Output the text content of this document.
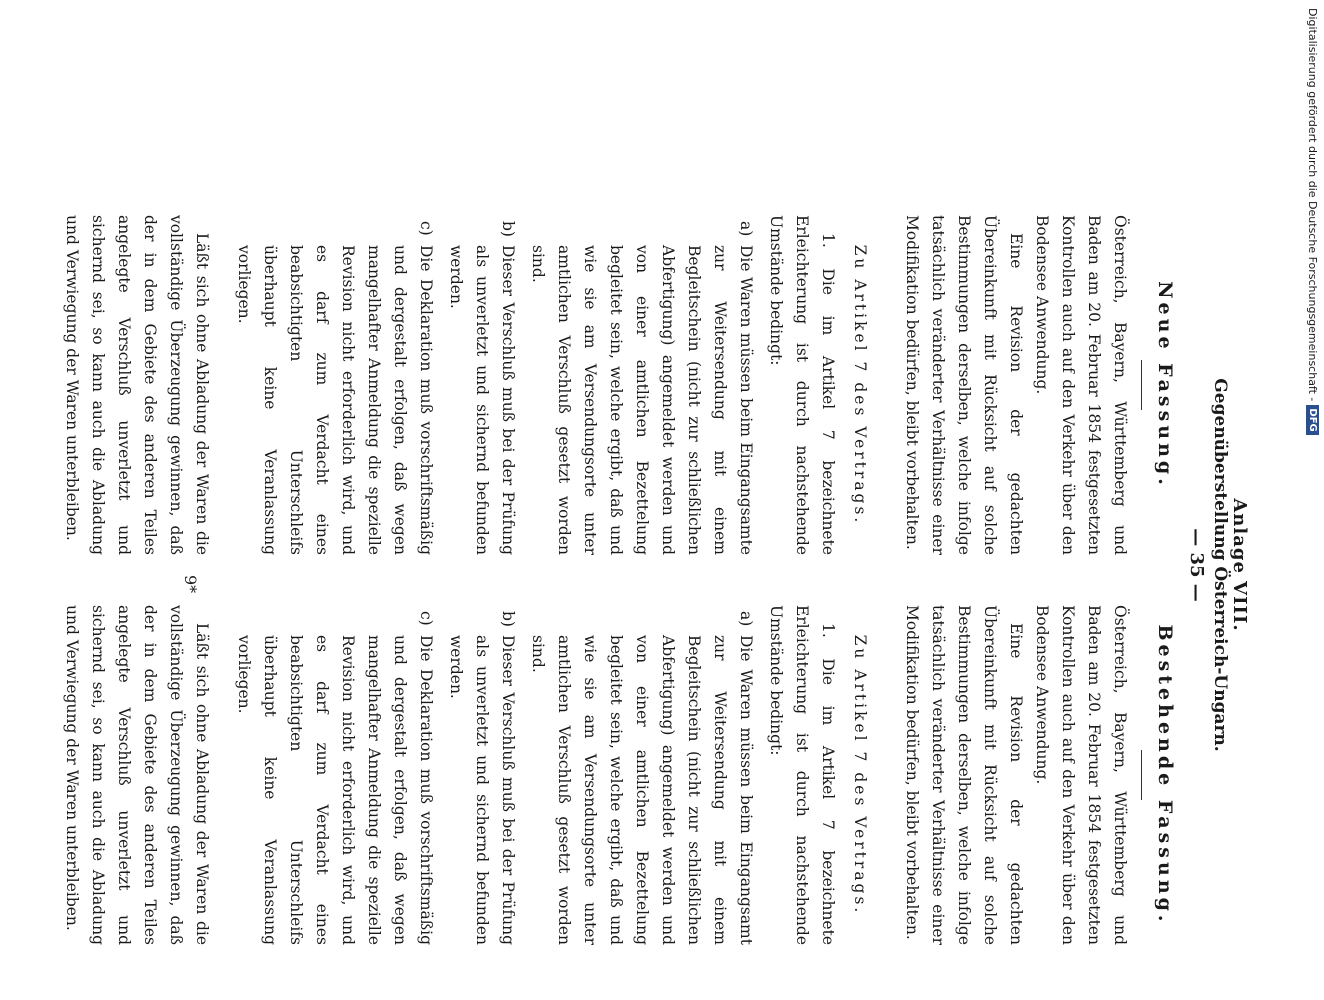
Anlage VIII.
Gegenüberstellung Österreich-Ungarn.
— 35 —
Bestehende Fassung.

Österreich, Bayern, Württemberg und Baden am 20. Februar 1854 festgesetzten Kontrollen auch auf den Verkehr über den Bodensee Anwendung.

Eine Revision der gedachten Übereinkunft mit Rücksicht auf solche Bestimmungen derselben, welche infolge tatsächlich veränderter Verhältnisse einer Modifikation bedürfen, bleibt vorbehalten.

Zu Artikel 7 des Vertrags.

1. Die im Artikel 7 bezeichnete Erleichterung ist durch nachstehende Umstände bedingt:

a)
Die Waren müssen beim Eingangsamt zur Weitersendung mit einem Begleitschein (nicht zur schließlichen Abfertigung) angemeldet werden und von einer amtlichen Bezettelung begleitet sein, welche ergibt, daß und wie sie am Versendungsorte unter amtlichen Verschluß gesetzt worden sind.
b)
Dieser Verschluß muß bei der Prüfung als unverletzt und sichernd befunden werden.
c)
Die Deklaration muß vorschriftsmäßig und dergestalt erfolgen, daß wegen mangelhafter Anmeldung die spezielle Revision nicht erforderlich wird, und es darf zum Verdacht eines beabsichtigten Unterschleifs überhaupt keine Veranlassung vorliegen.

Läßt sich ohne Abladung der Waren die vollständige Überzeugung gewinnen, daß der in dem Gebiete des anderen Teiles angelegte Verschluß unverletzt und sichernd sei, so kann auch die Abladung und Verwiegung der Waren unterbleiben.

Neue Fassung.

Österreich, Bayern, Württemberg und Baden am 20. Februar 1854 festgesetzten Kontrollen auch auf den Verkehr über den Bodensee Anwendung.

Eine Revision der gedachten Übereinkunft mit Rücksicht auf solche Bestimmungen derselben, welche infolge tatsächlich veränderter Verhältnisse einer Modifikation bedürfen, bleibt vorbehalten.

Zu Artikel 7 des Vertrags.

1. Die im Artikel 7 bezeichnete Erleichterung ist durch nachstehende Umstände bedingt:

a)
Die Waren müssen beim Eingangsamte zur Weitersendung mit einem Begleitschein (nicht zur schließlichen Abfertigung) angemeldet werden und von einer amtlichen Bezettelung begleitet sein, welche ergibt, daß und wie sie am Versendungsorte unter amtlichen Verschluß gesetzt worden sind.
b)
Dieser Verschluß muß bei der Prüfung als unverletzt und sichernd befunden werden.
c)
Die Deklaration muß vorschriftsmäßig und dergestalt erfolgen, daß wegen mangelhafter Anmeldung die spezielle Revision nicht erforderlich wird, und es darf zum Verdacht eines beabsichtigten Unterschleifs überhaupt keine Veranlassung vorliegen.

Läßt sich ohne Abladung der Waren die vollständige Überzeugung gewinnen, daß der in dem Gebiete des anderen Teiles angelegte Verschluß unverletzt und sichernd sei, so kann auch die Abladung und Verwiegung der Waren unterbleiben.

9*
Digitalisierung gefördert durch die Deutsche Forschungsgemeinschaft -
DFG
